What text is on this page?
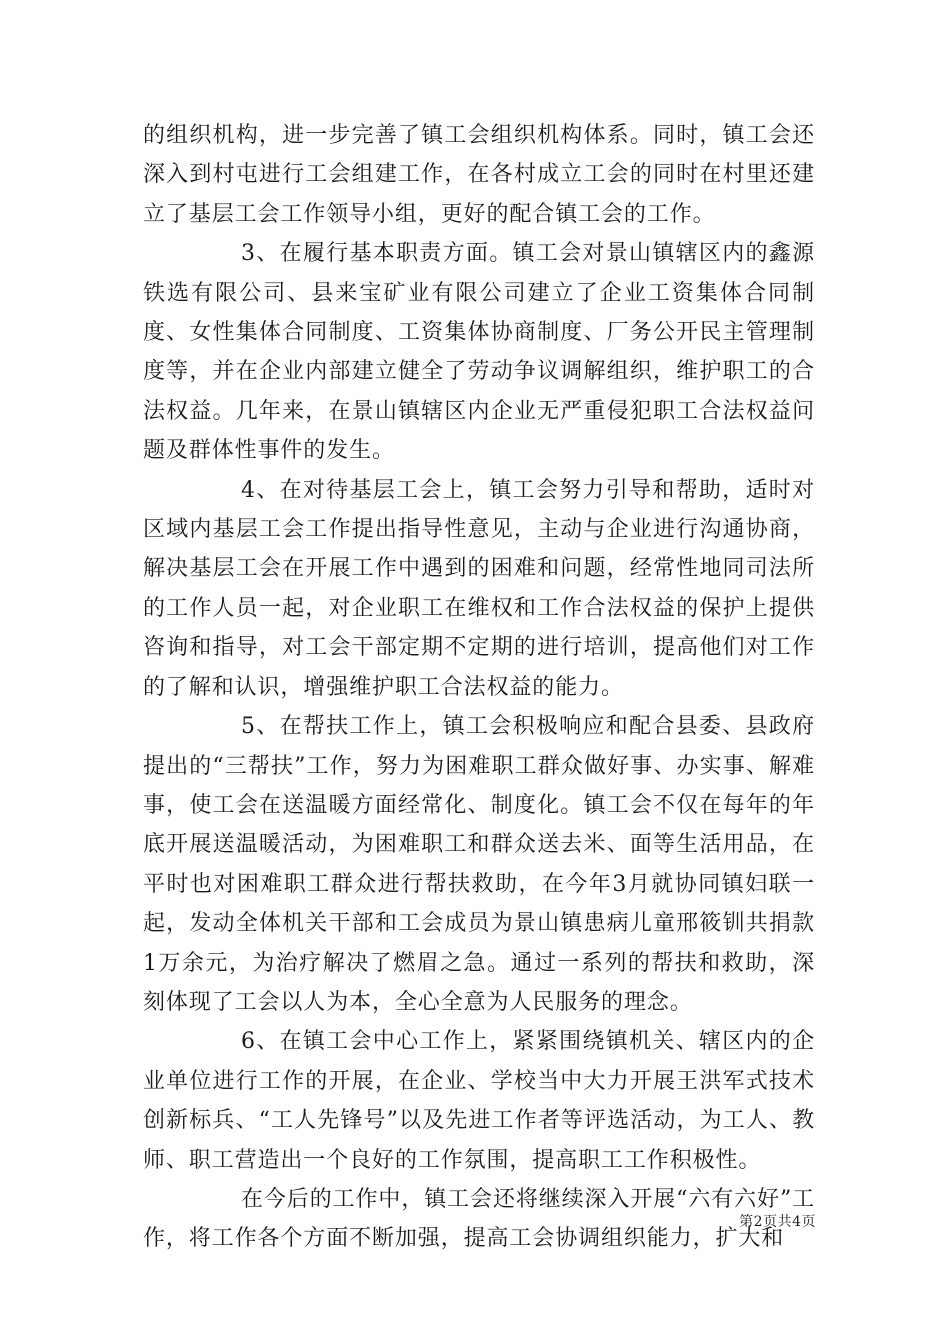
的组织机构，进一步完善了镇工会组织机构体系。同时，镇工会还深入到村屯进行工会组建工作，在各村成立工会的同时在村里还建立了基层工会工作领导小组，更好的配合镇工会的工作。

3、在履行基本职责方面。镇工会对景山镇辖区内的鑫源铁选有限公司、县来宝矿业有限公司建立了企业工资集体合同制度、女性集体合同制度、工资集体协商制度、厂务公开民主管理制度等，并在企业内部建立健全了劳动争议调解组织，维护职工的合法权益。几年来，在景山镇辖区内企业无严重侵犯职工合法权益问题及群体性事件的发生。

4、在对待基层工会上，镇工会努力引导和帮助，适时对区域内基层工会工作提出指导性意见，主动与企业进行沟通协商，解决基层工会在开展工作中遇到的困难和问题，经常性地同司法所的工作人员一起，对企业职工在维权和工作合法权益的保护上提供咨询和指导，对工会干部定期不定期的进行培训，提高他们对工作的了解和认识，增强维护职工合法权益的能力。

5、在帮扶工作上，镇工会积极响应和配合县委、县政府提出的“三帮扶”工作，努力为困难职工群众做好事、办实事、解难事，使工会在送温暖方面经常化、制度化。镇工会不仅在每年的年底开展送温暖活动，为困难职工和群众送去米、面等生活用品，在平时也对困难职工群众进行帮扶救助，在今年3月就协同镇妇联一起，发动全体机关干部和工会成员为景山镇患病儿童邢筱钏共捐款1万余元，为治疗解决了燃眉之急。通过一系列的帮扶和救助，深刻体现了工会以人为本，全心全意为人民服务的理念。

6、在镇工会中心工作上，紧紧围绕镇机关、辖区内的企业单位进行工作的开展，在企业、学校当中大力开展王洪军式技术创新标兵、“工人先锋号”以及先进工作者等评选活动，为工人、教师、职工营造出一个良好的工作氛围，提高职工工作积极性。

在今后的工作中，镇工会还将继续深入开展“六有六好”工作，将工作各个方面不断加强，提高工会协调组织能力，扩大和

第2页共4页
